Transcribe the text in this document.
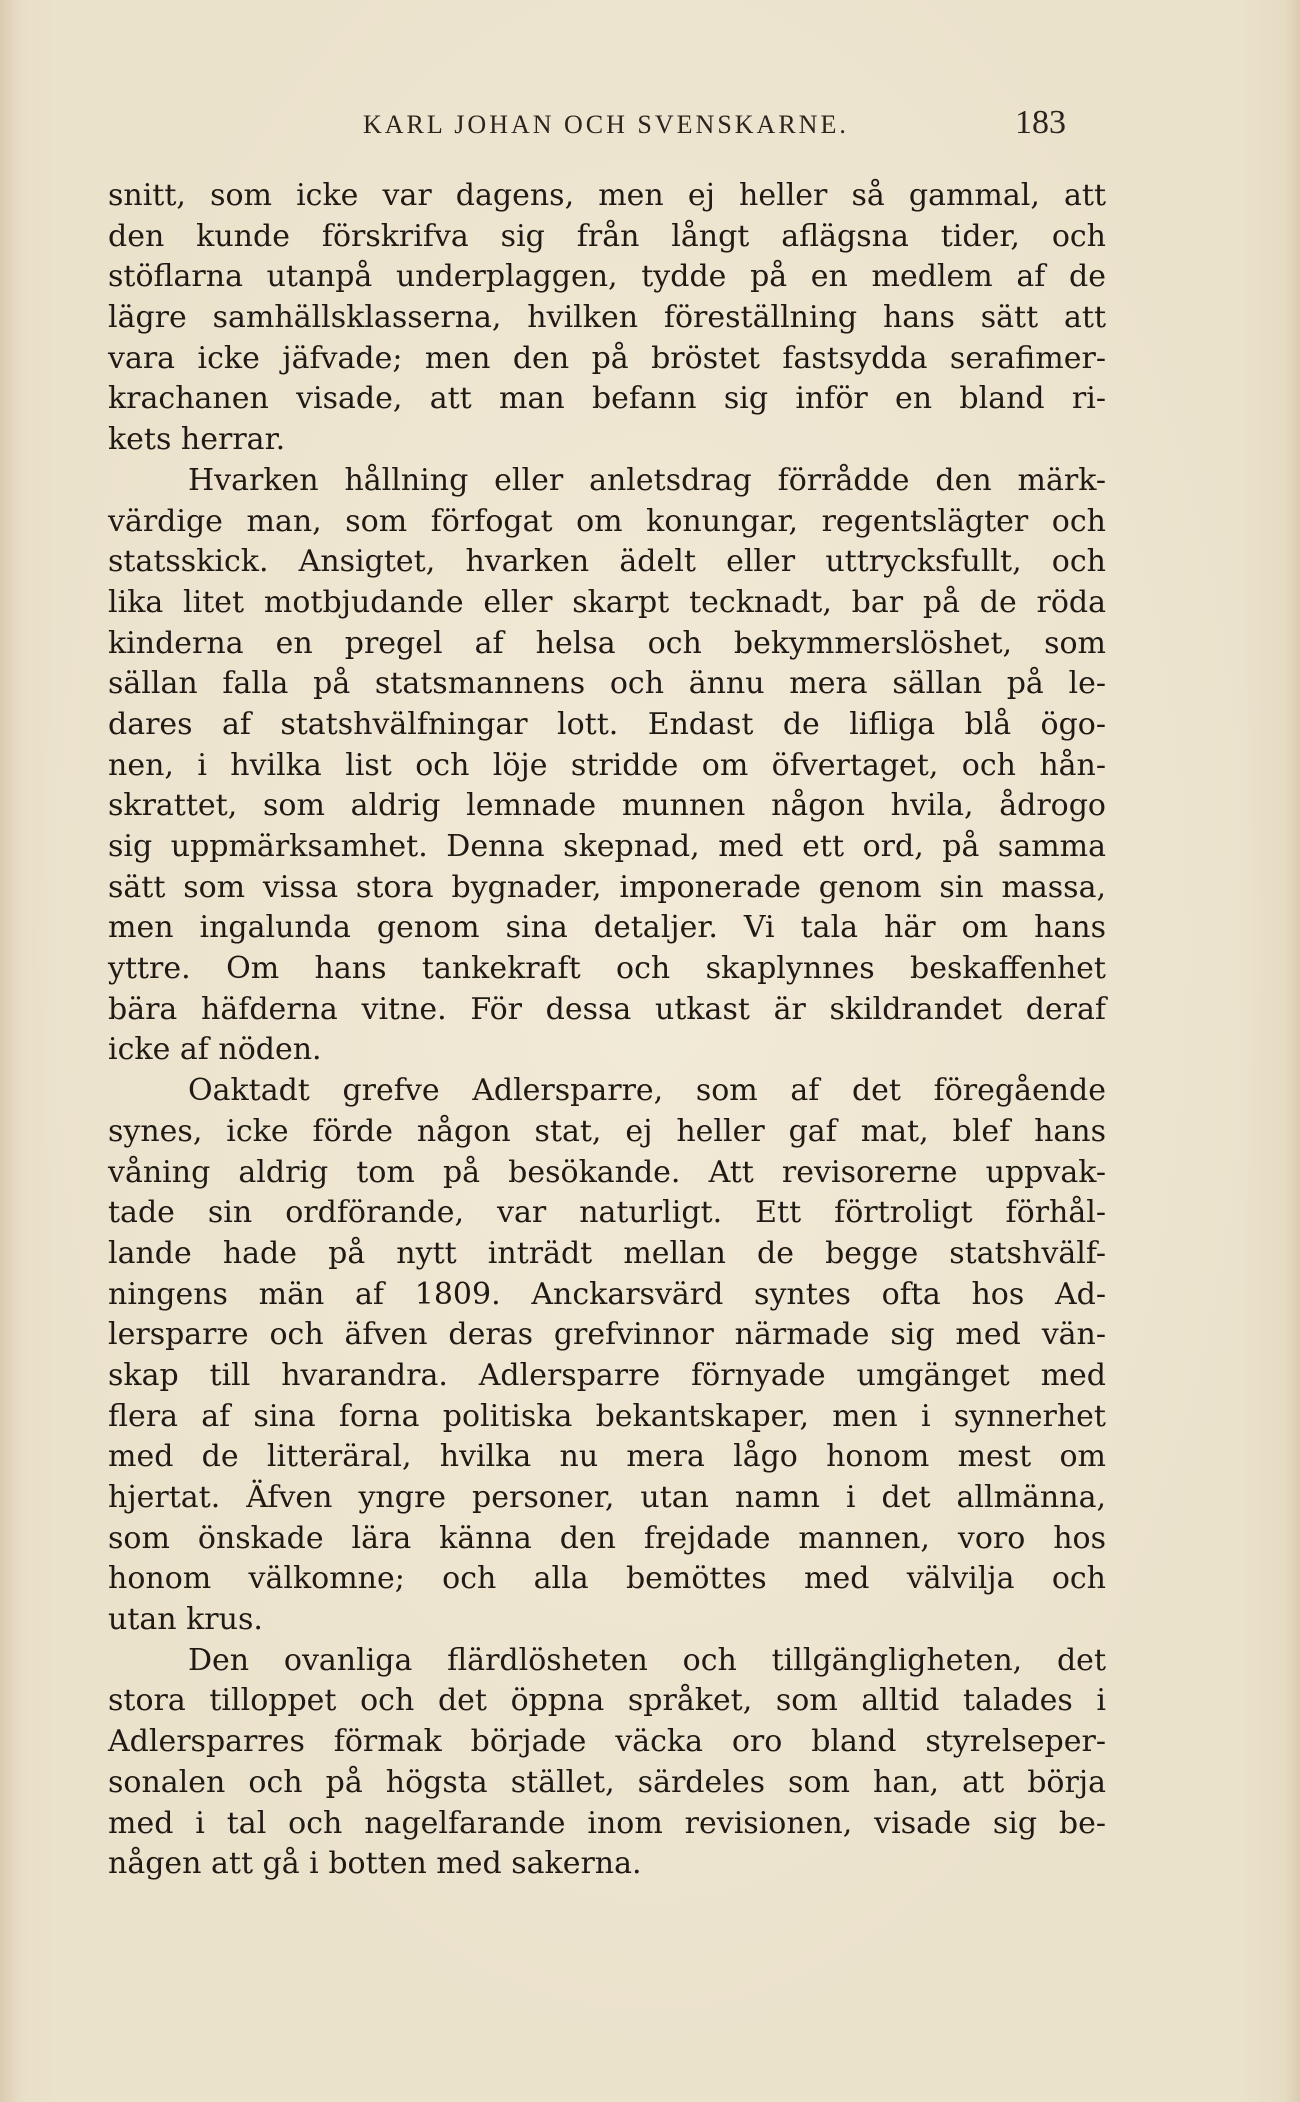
KARL JOHAN OCH SVENSKARNE.	183
snitt, som icke var dagens, men ej heller så gammal, att
den kunde förskrifva sig från långt aflägsna tider, och
stöflarna utanpå underplaggen, tydde på en medlem af de
lägre samhällsklasserna, hvilken föreställning hans sätt att
vara icke jäfvade; men den på bröstet fastsydda serafimer-
krachanen visade, att man befann sig inför en bland ri-
kets herrar.
Hvarken hållning eller anletsdrag förrådde den märk-
värdige man, som förfogat om konungar, regentslägter och
statsskick. Ansigtet, hvarken ädelt eller uttrycksfullt, och
lika litet motbjudande eller skarpt tecknadt, bar på de röda
kinderna en pregel af helsa och bekymmerslöshet, som
sällan falla på statsmannens och ännu mera sällan på le-
dares af statshvälfningar lott. Endast de lifliga blå ögo-
nen, i hvilka list och löje stridde om öfvertaget, och hån-
skrattet, som aldrig lemnade munnen någon hvila, ådrogo
sig uppmärksamhet. Denna skepnad, med ett ord, på samma
sätt som vissa stora bygnader, imponerade genom sin massa,
men ingalunda genom sina detaljer. Vi tala här om hans
yttre. Om hans tankekraft och skaplynnes beskaffenhet
bära häfderna vitne. För dessa utkast är skildrandet deraf
icke af nöden.
Oaktadt grefve Adlersparre, som af det föregående
synes, icke förde någon stat, ej heller gaf mat, blef hans
våning aldrig tom på besökande. Att revisorerne uppvak-
tade sin ordförande, var naturligt. Ett förtroligt förhål-
lande hade på nytt inträdt mellan de begge statshvälf-
ningens män af 1809. Anckarsvärd syntes ofta hos Ad-
lersparre och äfven deras grefvinnor närmade sig med vän-
skap till hvarandra. Adlersparre förnyade umgänget med
flera af sina forna politiska bekantskaper, men i synnerhet
med de litteräral, hvilka nu mera lågo honom mest om
hjertat. Äfven yngre personer, utan namn i det allmänna,
som önskade lära känna den frejdade mannen, voro hos
honom välkomne; och alla bemöttes med välvilja och
utan krus.
Den ovanliga flärdlösheten och tillgängligheten, det
stora tilloppet och det öppna språket, som alltid talades i
Adlersparres förmak började väcka oro bland styrelseper-
sonalen och på högsta stället, särdeles som han, att börja
med i tal och nagelfarande inom revisionen, visade sig be-
någen att gå i botten med sakerna.
